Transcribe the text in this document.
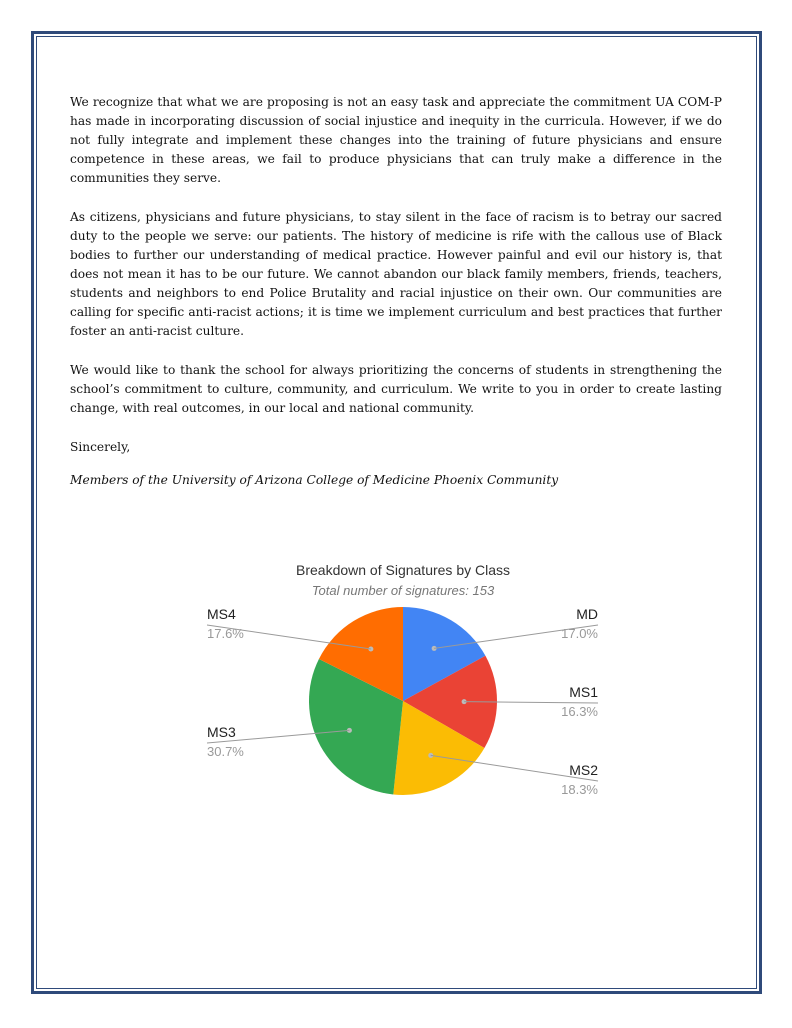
We recognize that what we are proposing is not an easy task and appreciate the commitment UA COM-P has made in incorporating discussion of social injustice and inequity in the curricula. However, if we do not fully integrate and implement these changes into the training of future physicians and ensure competence in these areas, we fail to produce physicians that can truly make a difference in the communities they serve.

As citizens, physicians and future physicians, to stay silent in the face of racism is to betray our sacred duty to the people we serve: our patients. The history of medicine is rife with the callous use of Black bodies to further our understanding of medical practice. However painful and evil our history is, that does not mean it has to be our future. We cannot abandon our black family members, friends, teachers, students and neighbors to end Police Brutality and racial injustice on their own. Our communities are calling for specific anti-racist actions; it is time we implement curriculum and best practices that further foster an anti-racist culture.

We would like to thank the school for always prioritizing the concerns of students in strengthening the school’s commitment to culture, community, and curriculum. We write to you in order to create lasting change, with real outcomes, in our local and national community.

Sincerely,

Members of the University of Arizona College of Medicine Phoenix Community

Breakdown of Signatures by Class
Total number of signatures: 153
MD
17.0%
MS1
16.3%
MS2
18.3%
MS3
30.7%
MS4
17.6%
